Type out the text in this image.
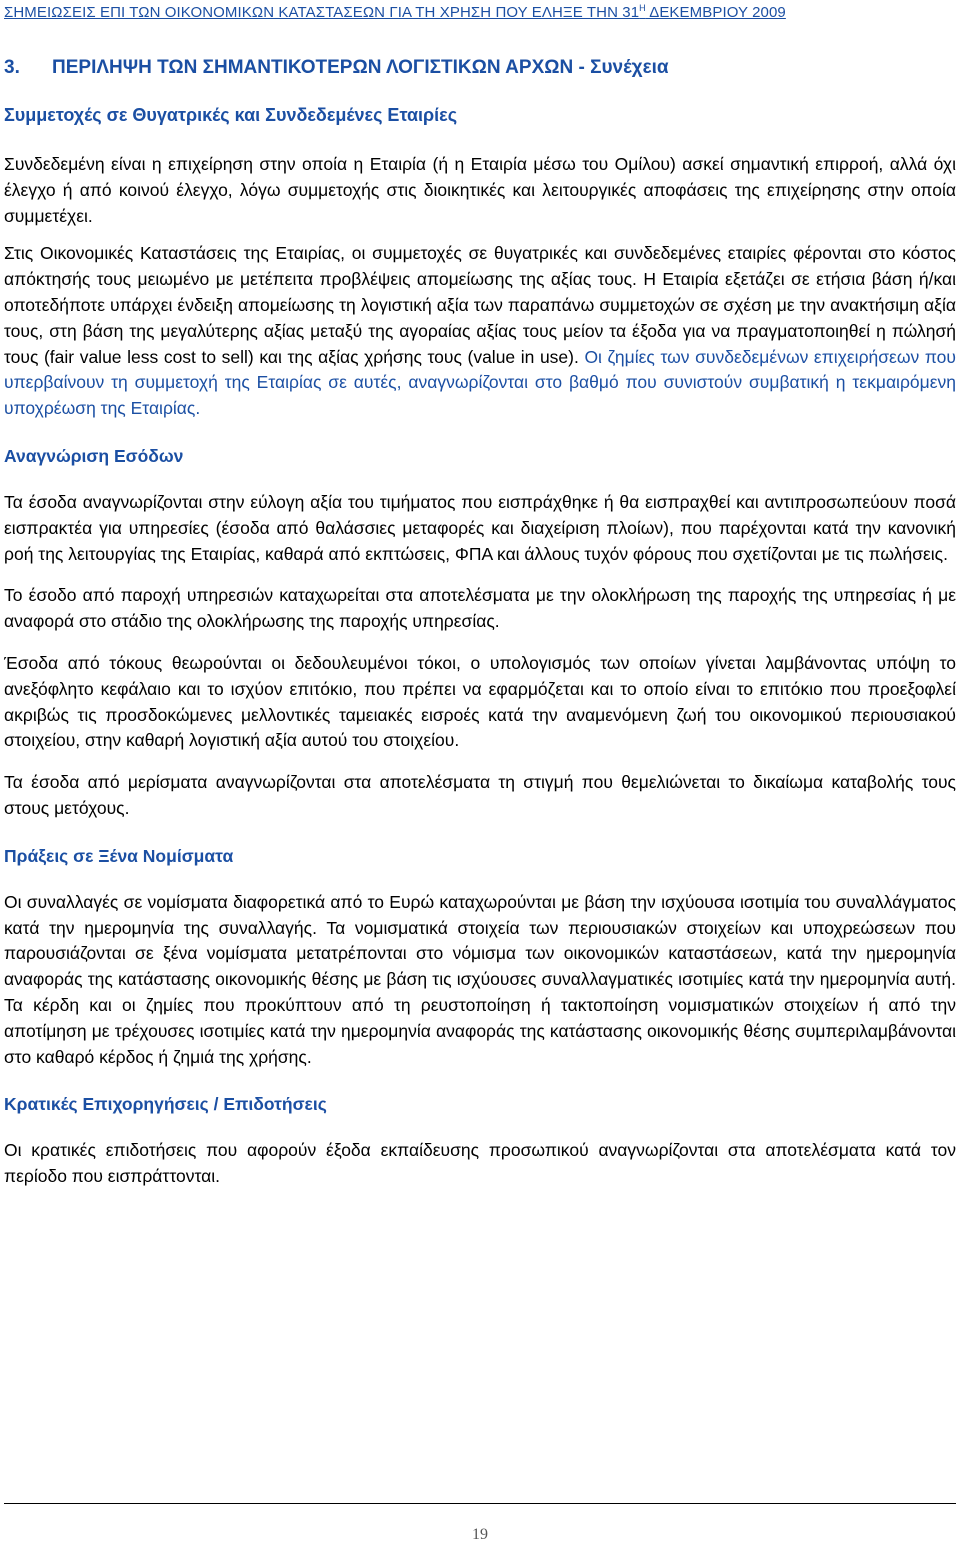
ΣΗΜΕΙΩΣΕΙΣ ΕΠΙ ΤΩΝ ΟΙΚΟΝΟΜΙΚΩΝ ΚΑΤΑΣΤΑΣΕΩΝ ΓΙΑ ΤΗ ΧΡΗΣΗ ΠΟΥ ΕΛΗΞΕ ΤΗΝ $31^H$ ΔΕΚΕΜΒΡΙΟΥ 2009
3. ΠΕΡΙΛΗΨΗ ΤΩΝ ΣΗΜΑΝΤΙΚΟΤΕΡΩΝ ΛΟΓΙΣΤΙΚΩΝ ΑΡΧΩΝ - Συνέχεια
Συμμετοχές σε Θυγατρικές και Συνδεδεμένες Εταιρίες

Συνδεδεμένη είναι η επιχείρηση στην οποία η Εταιρία (ή η Εταιρία μέσω του Ομίλου) ασκεί σημαντική επιρροή, αλλά όχι έλεγχο ή από κοινού έλεγχο, λόγω συμμετοχής στις διοικητικές και λειτουργικές αποφάσεις της επιχείρησης στην οποία συμμετέχει.

Στις Οικονομικές Καταστάσεις της Εταιρίας, οι συμμετοχές σε θυγατρικές και συνδεδεμένες εταιρίες φέρονται στο κόστος απόκτησής τους μειωμένο με μετέπειτα προβλέψεις απομείωσης της αξίας τους. Η Εταιρία εξετάζει σε ετήσια βάση ή/και οποτεδήποτε υπάρχει ένδειξη απομείωσης τη λογιστική αξία των παραπάνω συμμετοχών σε σχέση με την ανακτήσιμη αξία τους, στη βάση της μεγαλύτερης αξίας μεταξύ της αγοραίας αξίας τους μείον τα έξοδα για να πραγματοποιηθεί η πώλησή τους (fair value less cost to sell) και της αξίας χρήσης τους (value in use). Οι ζημίες των συνδεδεμένων επιχειρήσεων που υπερβαίνουν τη συμμετοχή της Εταιρίας σε αυτές, αναγνωρίζονται στο βαθμό που συνιστούν συμβατική η τεκμαιρόμενη υποχρέωση της Εταιρίας.

Αναγνώριση Εσόδων

Τα έσοδα αναγνωρίζονται στην εύλογη αξία του τιμήματος που εισπράχθηκε ή θα εισπραχθεί και αντιπροσωπεύουν ποσά εισπρακτέα για υπηρεσίες (έσοδα από θαλάσσιες μεταφορές και διαχείριση πλοίων), που παρέχονται κατά την κανονική ροή της λειτουργίας της Εταιρίας, καθαρά από εκπτώσεις, ΦΠΑ και άλλους τυχόν φόρους που σχετίζονται με τις πωλήσεις.

Το έσοδο από παροχή υπηρεσιών καταχωρείται στα αποτελέσματα με την ολοκλήρωση της παροχής της υπηρεσίας ή με αναφορά στο στάδιο της ολοκλήρωσης της παροχής υπηρεσίας.

Έσοδα από τόκους θεωρούνται οι δεδουλευμένοι τόκοι, ο υπολογισμός των οποίων γίνεται λαμβάνοντας υπόψη το ανεξόφλητο κεφάλαιο και το ισχύον επιτόκιο, που πρέπει να εφαρμόζεται και το οποίο είναι το επιτόκιο που προεξοφλεί ακριβώς τις προσδοκώμενες μελλοντικές ταμειακές εισροές κατά την αναμενόμενη ζωή του οικονομικού περιουσιακού στοιχείου, στην καθαρή λογιστική αξία αυτού του στοιχείου.

Τα έσοδα από μερίσματα αναγνωρίζονται στα αποτελέσματα τη στιγμή που θεμελιώνεται το δικαίωμα καταβολής τους στους μετόχους.

Πράξεις σε Ξένα Νομίσματα

Οι συναλλαγές σε νομίσματα διαφορετικά από το Ευρώ καταχωρούνται με βάση την ισχύουσα ισοτιμία του συναλλάγματος κατά την ημερομηνία της συναλλαγής. Τα νομισματικά στοιχεία των περιουσιακών στοιχείων και υποχρεώσεων που παρουσιάζονται σε ξένα νομίσματα μετατρέπονται στο νόμισμα των οικονομικών καταστάσεων, κατά την ημερομηνία αναφοράς της κατάστασης οικονομικής θέσης με βάση τις ισχύουσες συναλλαγματικές ισοτιμίες κατά την ημερομηνία αυτή. Τα κέρδη και οι ζημίες που προκύπτουν από τη ρευστοποίηση ή τακτοποίηση νομισματικών στοιχείων ή από την αποτίμηση με τρέχουσες ισοτιμίες κατά την ημερομηνία αναφοράς της κατάστασης οικονομικής θέσης συμπεριλαμβάνονται στο καθαρό κέρδος ή ζημιά της χρήσης.

Κρατικές Επιχορηγήσεις / Επιδοτήσεις

Οι κρατικές επιδοτήσεις που αφορούν έξοδα εκπαίδευσης προσωπικού αναγνωρίζονται στα αποτελέσματα κατά τον περίοδο που εισπράττονται.

19
